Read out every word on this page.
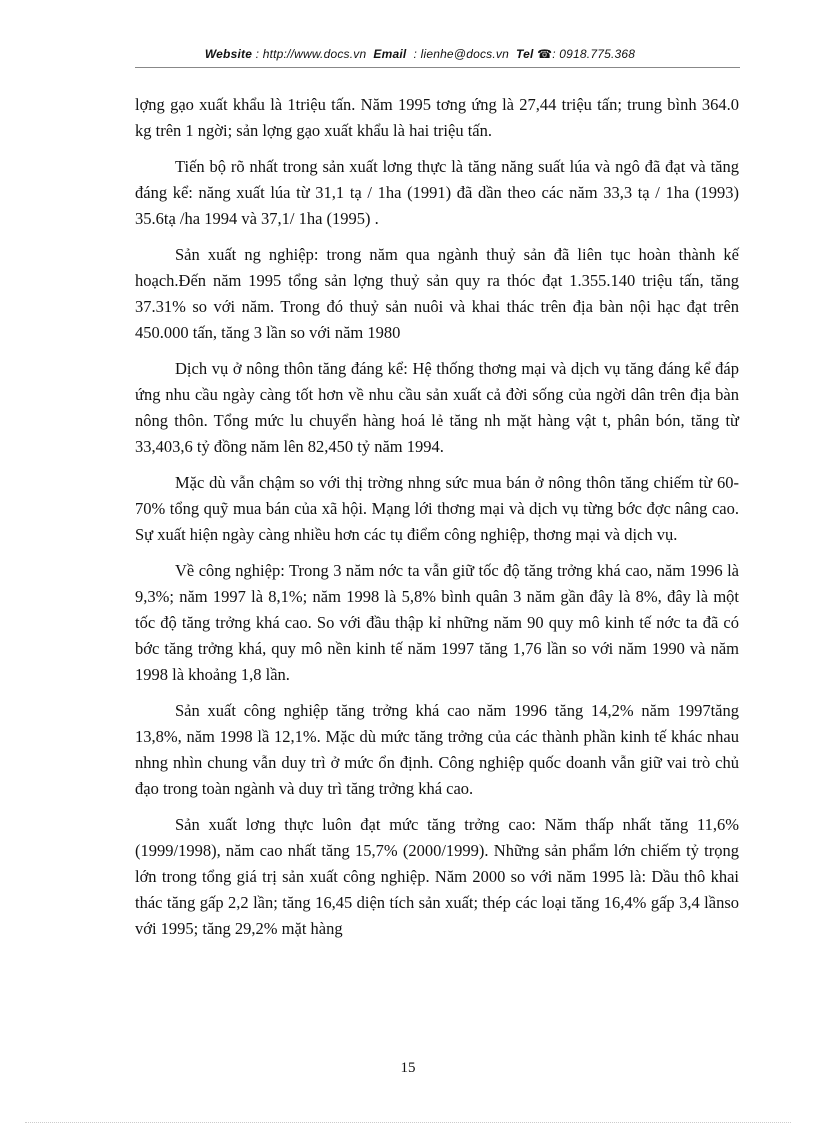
Website : http://www.docs.vn Email : lienhe@docs.vn Tel ☎: 0918.775.368

lợng gạo xuất khẩu là 1triệu tấn. Năm 1995 tơng ứng là 27,44 triệu tấn; trung bình 364.0 kg trên 1 ngời; sản lợng gạo xuất khẩu là hai triệu tấn.

Tiến bộ rõ nhất trong sản xuất lơng thực là tăng năng suất lúa và ngô đã đạt và tăng đáng kể: năng xuất lúa từ 31,1 tạ / 1ha (1991) đã dần theo các năm 33,3 tạ / 1ha (1993) 35.6tạ /ha 1994 và 37,1/ 1ha (1995) .

Sản xuất ng nghiệp: trong năm qua ngành thuỷ sản đã liên tục hoàn thành kế hoạch.Đến năm 1995 tổng sản lợng thuỷ sản quy ra thóc đạt 1.355.140 triệu tấn, tăng 37.31% so với năm. Trong đó thuỷ sản nuôi và khai thác trên địa bàn nội hạc đạt trên 450.000 tấn, tăng 3 lần so với năm 1980

Dịch vụ ở nông thôn tăng đáng kể: Hệ thống thơng mại và dịch vụ tăng đáng kể đáp ứng nhu cầu ngày càng tốt hơn về nhu cầu sản xuất cả đời sống của ngời dân trên địa bàn nông thôn. Tổng mức lu chuyển hàng hoá lẻ tăng nh mặt hàng vật t, phân bón, tăng từ 33,403,6 tỷ đồng năm lên 82,450 tỷ năm 1994.

Mặc dù vẫn chậm so với thị trờng nhng sức mua bán ở nông thôn tăng chiếm từ 60-70% tổng quỹ mua bán của xã hội. Mạng lới thơng mại và dịch vụ từng bớc đợc nâng cao. Sự xuất hiện ngày càng nhiều hơn các tụ điểm công nghiệp, thơng mại và dịch vụ.

Về công nghiệp: Trong 3 năm nớc ta vẫn giữ tốc độ tăng trởng khá cao, năm 1996 là 9,3%; năm 1997 là 8,1%; năm 1998 là 5,8% bình quân 3 năm gần đây là 8%, đây là một tốc độ tăng trởng khá cao. So với đầu thập kỉ những năm 90 quy mô kinh tế nớc ta đã có bớc tăng trởng khá, quy mô nền kinh tế năm 1997 tăng 1,76 lần so với năm 1990 và năm 1998 là khoảng 1,8 lần.

Sản xuất công nghiệp tăng trởng khá cao năm 1996 tăng 14,2% năm 1997tăng 13,8%, năm 1998 lầ 12,1%. Mặc dù mức tăng trởng của các thành phần kinh tế khác nhau nhng nhìn chung vẫn duy trì ở mức ổn định. Công nghiệp quốc doanh vẫn giữ vai trò chủ đạo trong toàn ngành và duy trì tăng trởng khá cao.

Sản xuất lơng thực luôn đạt mức tăng trởng cao: Năm thấp nhất tăng 11,6% (1999/1998), năm cao nhất tăng 15,7% (2000/1999). Những sản phẩm lớn chiếm tỷ trọng lớn trong tổng giá trị sản xuất công nghiệp. Năm 2000 so với năm 1995 là: Dầu thô khai thác tăng gấp 2,2 lần; tăng 16,45 diện tích sản xuất; thép các loại tăng 16,4% gấp 3,4 lầnso với 1995; tăng 29,2% mặt hàng

15
